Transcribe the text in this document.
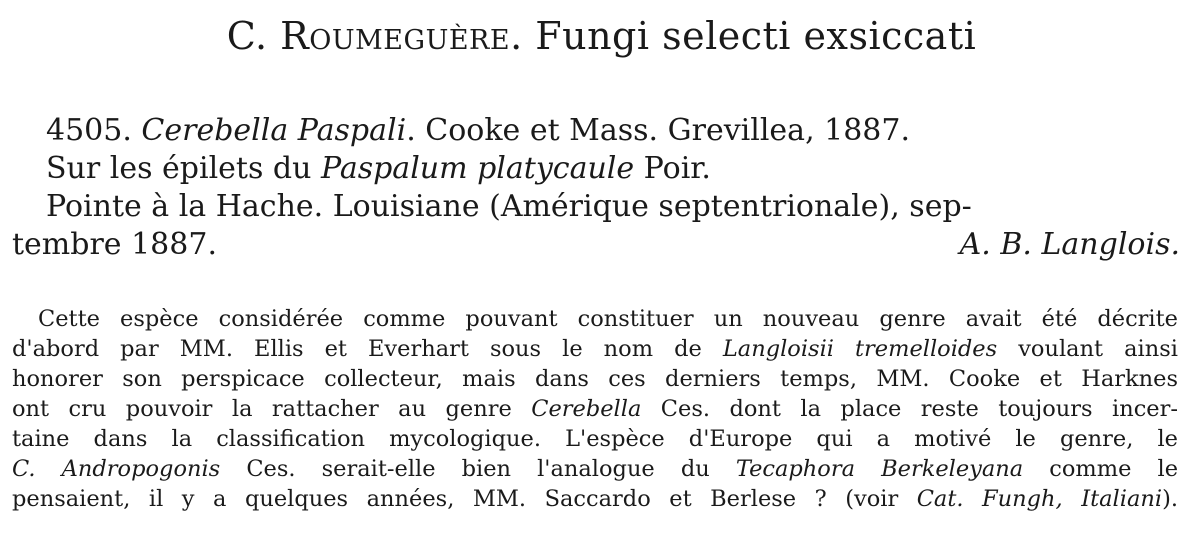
C. Roumeguère. Fungi selecti exsiccati
4505. Cerebella Paspali. Cooke et Mass. Grevillea, 1887.
Sur les épilets du Paspalum platycaule Poir.
Pointe à la Hache. Louisiane (Amérique septentrionale), sep-
tembre 1887.	A. B. Langlois.
Cette espèce considérée comme pouvant constituer un nouveau genre avait été décrite
d'abord par MM. Ellis et Everhart sous le nom de Langloisii tremelloides voulant ainsi
honorer son perspicace collecteur, mais dans ces derniers temps, MM. Cooke et Harknes
ont cru pouvoir la rattacher au genre Cerebella Ces. dont la place reste toujours incer-
taine dans la classification mycologique. L'espèce d'Europe qui a motivé le genre, le
C. Andropogonis Ces. serait-elle bien l'analogue du Tecaphora Berkeleyana comme le
pensaient, il y a quelques années, MM. Saccardo et Berlese ? (voir Cat. Fungh, Italiani).
